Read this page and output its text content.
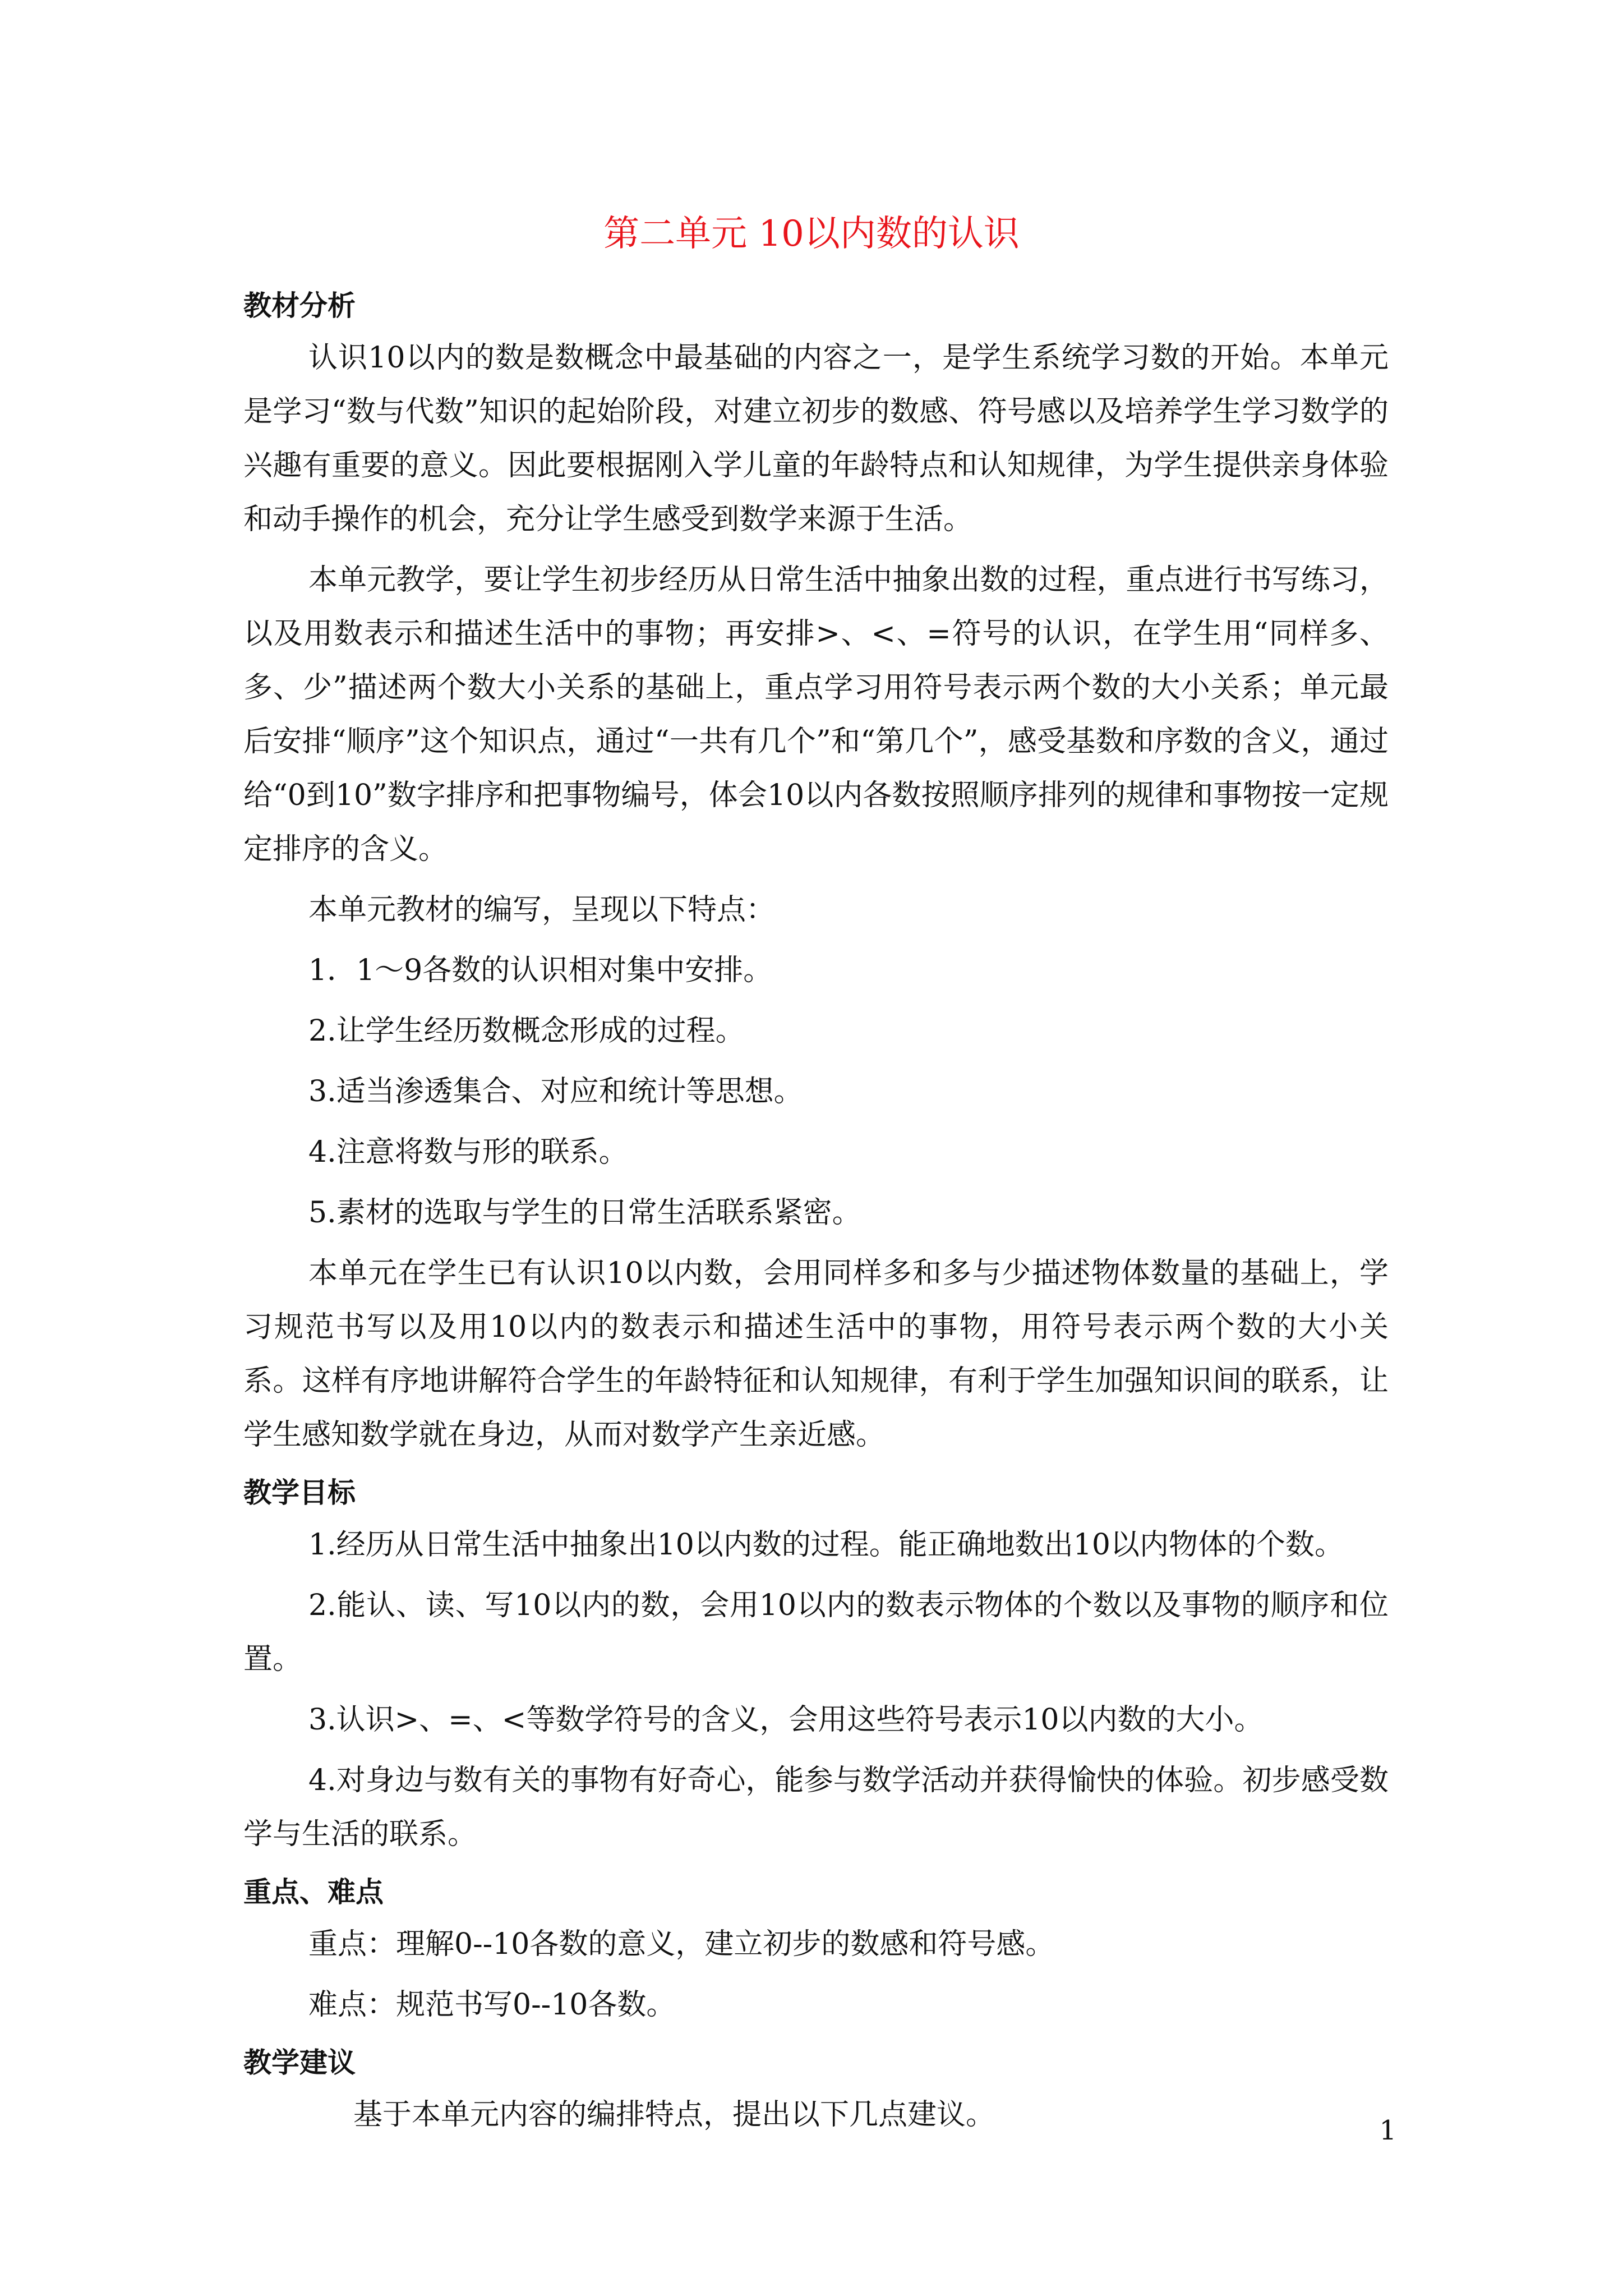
第二单元 10以内数的认识

教材分析

认识10以内的数是数概念中最基础的内容之一，是学生系统学习数的开始。本单元是学习“数与代数”知识的起始阶段，对建立初步的数感、符号感以及培养学生学习数学的兴趣有重要的意义。因此要根据刚入学儿童的年龄特点和认知规律，为学生提供亲身体验和动手操作的机会，充分让学生感受到数学来源于生活。

本单元教学，要让学生初步经历从日常生活中抽象出数的过程，重点进行书写练习，以及用数表示和描述生活中的事物；再安排>、<、=符号的认识，在学生用“同样多、多、少”描述两个数大小关系的基础上，重点学习用符号表示两个数的大小关系；单元最后安排“顺序”这个知识点，通过“一共有几个”和“第几个”，感受基数和序数的含义，通过给“0到10”数字排序和把事物编号，体会10以内各数按照顺序排列的规律和事物按一定规定排序的含义。

本单元教材的编写，呈现以下特点：

1．1～9各数的认识相对集中安排。

2.让学生经历数概念形成的过程。

3.适当渗透集合、对应和统计等思想。

4.注意将数与形的联系。

5.素材的选取与学生的日常生活联系紧密。

本单元在学生已有认识10以内数，会用同样多和多与少描述物体数量的基础上，学习规范书写以及用10以内的数表示和描述生活中的事物，用符号表示两个数的大小关系。这样有序地讲解符合学生的年龄特征和认知规律，有利于学生加强知识间的联系，让学生感知数学就在身边，从而对数学产生亲近感。

教学目标

1.经历从日常生活中抽象出10以内数的过程。能正确地数出10以内物体的个数。

2.能认、读、写10以内的数，会用10以内的数表示物体的个数以及事物的顺序和位置。

3.认识>、=、<等数学符号的含义，会用这些符号表示10以内数的大小。

4.对身边与数有关的事物有好奇心，能参与数学活动并获得愉快的体验。初步感受数学与生活的联系。

重点、难点

重点：理解0--10各数的意义，建立初步的数感和符号感。

难点：规范书写0--10各数。

教学建议

基于本单元内容的编排特点，提出以下几点建议。	1
